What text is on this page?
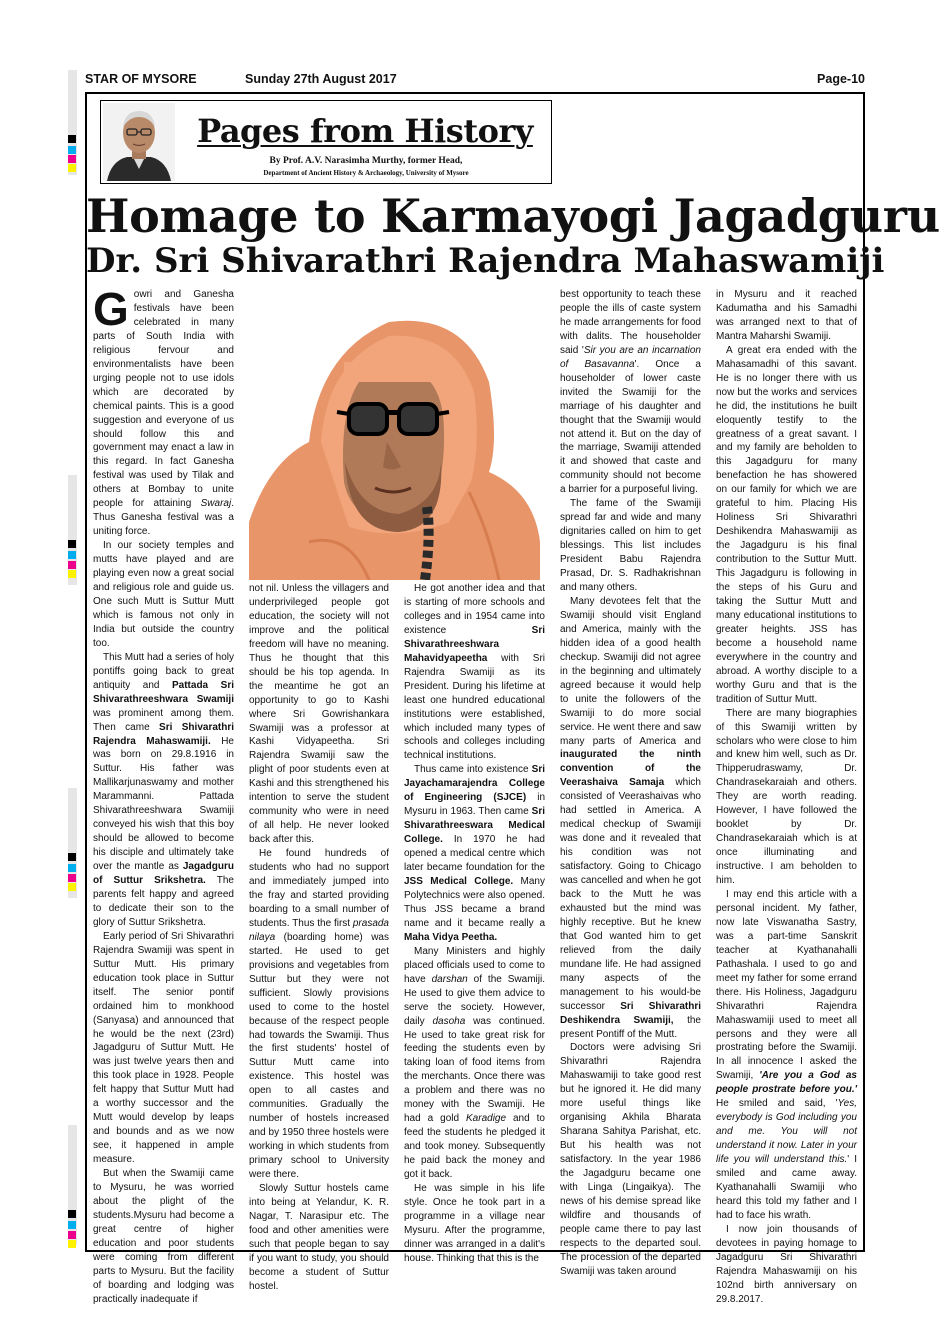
STAR OF MYSORE	Sunday 27th August 2017	Page-10
Pages from History
By Prof. A.V. Narasimha Murthy, former Head,
Department of Ancient History & Archaeology, University of Mysore
Homage to Karmayogi Jagadguru
Dr. Sri Shivarathri Rajendra Mahaswamiji

Gowri and Ganesha festivals have been celebrated in many parts of South India with religious fervour and environmentalists have been urging people not to use idols which are decorated by chemical paints. This is a good suggestion and everyone of us should follow this and government may enact a law in this regard. In fact Ganesha festival was used by Tilak and others at Bombay to unite people for attaining Swaraj. Thus Ganesha festival was a uniting force.

In our society temples and mutts have played and are playing even now a great social and religious role and guide us. One such Mutt is Suttur Mutt which is famous not only in India but outside the country too.

This Mutt had a series of holy pontiffs going back to great antiquity and Pattada Sri Shivarathreeshwara Swamiji was prominent among them. Then came Sri Shivarathri Rajendra Mahaswamiji. He was born on 29.8.1916 in Suttur. His father was Mallikarjunaswamy and mother Marammanni. Pattada Shivarathreeshwara Swamiji conveyed his wish that this boy should be allowed to become his disciple and ultimately take over the mantle as Jagadguru of Suttur Srikshetra. The parents felt happy and agreed to dedicate their son to the glory of Suttur Srikshetra.

Early period of Sri Shivarathri Rajendra Swamiji was spent in Suttur Mutt. His primary education took place in Suttur itself. The senior pontif ordained him to monkhood (Sanyasa) and announced that he would be the next (23rd) Jagadguru of Suttur Mutt. He was just twelve years then and this took place in 1928. People felt happy that Suttur Mutt had a worthy successor and the Mutt would develop by leaps and bounds and as we now see, it happened in ample measure.

But when the Swamiji came to Mysuru, he was worried about the plight of the students.Mysuru had become a great centre of higher education and poor students were coming from different parts to Mysuru. But the facility of boarding and lodging was practically inadequate if

not nil. Unless the villagers and underprivileged people got education, the society will not improve and the political freedom will have no meaning. Thus he thought that this should be his top agenda. In the meantime he got an opportunity to go to Kashi where Sri Gowrishankara Swamiji was a professor at Kashi Vidyapeetha. Sri Rajendra Swamiji saw the plight of poor students even at Kashi and this strengthened his intention to serve the student community who were in need of all help. He never looked back after this.

He found hundreds of students who had no support and immediately jumped into the fray and started providing boarding to a small number of students. Thus the first prasada nilaya (boarding home) was started. He used to get provisions and vegetables from Suttur but they were not sufficient. Slowly provisions used to come to the hostel because of the respect people had towards the Swamiji. Thus the first students' hostel of Suttur Mutt came into existence. This hostel was open to all castes and communities. Gradually the number of hostels increased and by 1950 three hostels were working in which students from primary school to University were there.

Slowly Suttur hostels came into being at Yelandur, K. R. Nagar, T. Narasipur etc. The food and other amenities were such that people began to say if you want to study, you should become a student of Suttur hostel.

He got another idea and that is starting of more schools and colleges and in 1954 came into existence Sri Shivarathreeshwara Mahavidyapeetha with Sri Rajendra Swamiji as its President. During his lifetime at least one hundred educational institutions were established, which included many types of schools and colleges including technical institutions.

Thus came into existence Sri Jayachamarajendra College of Engineering (SJCE) in Mysuru in 1963. Then came Sri Shivarathreeswara Medical College. In 1970 he had opened a medical centre which later became foundation for the JSS Medical College. Many Polytechnics were also opened. Thus JSS became a brand name and it became really a Maha Vidya Peetha.

Many Ministers and highly placed officials used to come to have darshan of the Swamiji. He used to give them advice to serve the society. However, daily dasoha was continued. He used to take great risk for feeding the students even by taking loan of food items from the merchants. Once there was a problem and there was no money with the Swamiji. He had a gold Karadige and to feed the students he pledged it and took money. Subsequently he paid back the money and got it back.

He was simple in his life style. Once he took part in a programme in a village near Mysuru. After the programme, dinner was arranged in a dalit's house. Thinking that this is the

best opportunity to teach these people the ills of caste system he made arrangements for food with dalits. The householder said 'Sir you are an incarnation of Basavanna'. Once a householder of lower caste invited the Swamiji for the marriage of his daughter and thought that the Swamiji would not attend it. But on the day of the marriage, Swamiji attended it and showed that caste and community should not become a barrier for a purposeful living.

The fame of the Swamiji spread far and wide and many dignitaries called on him to get blessings. This list includes President Babu Rajendra Prasad, Dr. S. Radhakrishnan and many others.

Many devotees felt that the Swamiji should visit England and America, mainly with the hidden idea of a good health checkup. Swamiji did not agree in the beginning and ultimately agreed because it would help to unite the followers of the Swamiji to do more social service. He went there and saw many parts of America and inaugurated the ninth convention of the Veerashaiva Samaja which consisted of Veerashaivas who had settled in America. A medical checkup of Swamiji was done and it revealed that his condition was not satisfactory. Going to Chicago was cancelled and when he got back to the Mutt he was exhausted but the mind was highly receptive. But he knew that God wanted him to get relieved from the daily mundane life. He had assigned many aspects of the management to his would-be successor Sri Shivarathri Deshikendra Swamiji, the present Pontiff of the Mutt.

Doctors were advising Sri Shivarathri Rajendra Mahaswamiji to take good rest but he ignored it. He did many more useful things like organising Akhila Bharata Sharana Sahitya Parishat, etc. But his health was not satisfactory. In the year 1986 the Jagadguru became one with Linga (Lingaikya). The news of his demise spread like wildfire and thousands of people came there to pay last respects to the departed soul. The procession of the departed Swamiji was taken around

in Mysuru and it reached Kadumatha and his Samadhi was arranged next to that of Mantra Maharshi Swamiji.

A great era ended with the Mahasamadhi of this savant. He is no longer there with us now but the works and services he did, the institutions he built eloquently testify to the greatness of a great savant. I and my family are beholden to this Jagadguru for many benefaction he has showered on our family for which we are grateful to him. Placing His Holiness Sri Shivarathri Deshikendra Mahaswamiji as the Jagadguru is his final contribution to the Suttur Mutt. This Jagadguru is following in the steps of his Guru and taking the Suttur Mutt and many educational institutions to greater heights. JSS has become a household name everywhere in the country and abroad. A worthy disciple to a worthy Guru and that is the tradition of Suttur Mutt.

There are many biographies of this Swamiji written by scholars who were close to him and knew him well, such as Dr. Thipperudraswamy, Dr. Chandrasekaraiah and others. They are worth reading. However, I have followed the booklet by Dr. Chandrasekaraiah which is at once illuminating and instructive. I am beholden to him.

I may end this article with a personal incident. My father, now late Viswanatha Sastry, was a part-time Sanskrit teacher at Kyathanahalli Pathashala. I used to go and meet my father for some errand there. His Holiness, Jagadguru Shivarathri Rajendra Mahaswamiji used to meet all persons and they were all prostrating before the Swamiji. In all innocence I asked the Swamiji, 'Are you a God as people prostrate before you.' He smiled and said, 'Yes, everybody is God including you and me. You will not understand it now. Later in your life you will understand this.' I smiled and came away. Kyathanahalli Swamiji who heard this told my father and I had to face his wrath.

I now join thousands of devotees in paying homage to Jagadguru Sri Shivarathri Rajendra Mahaswamiji on his 102nd birth anniversary on 29.8.2017.
